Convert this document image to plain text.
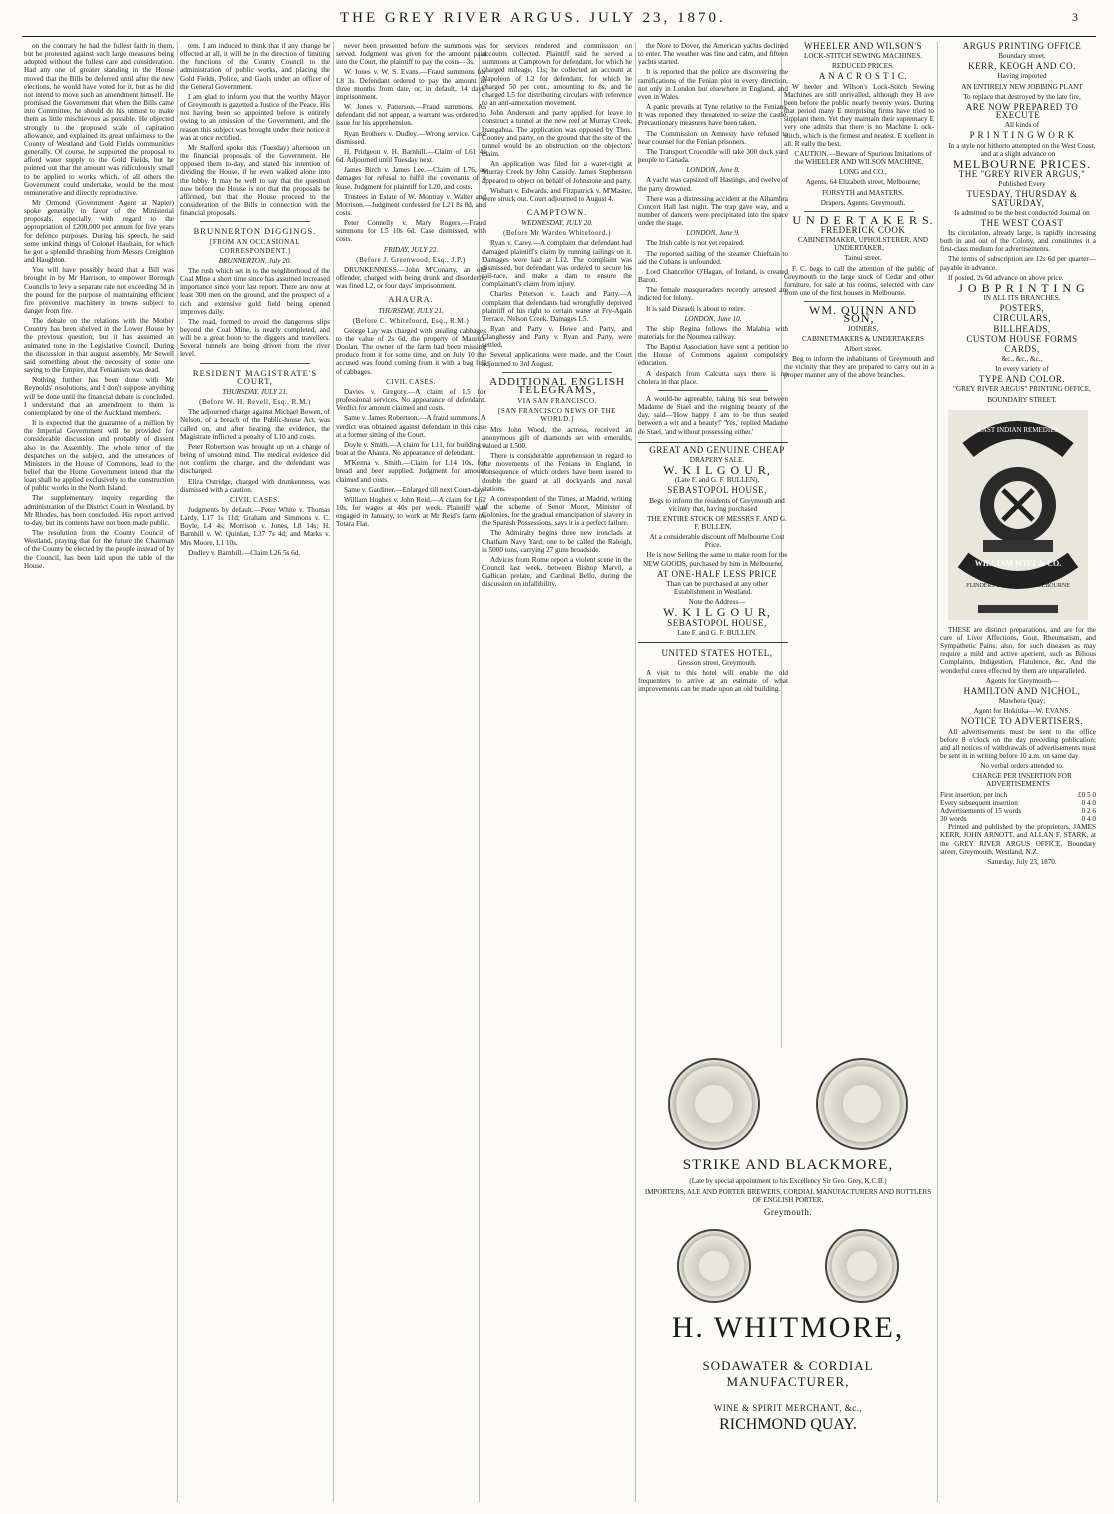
THE GREY RIVER ARGUS. JULY 23, 1870.	3

on the contrary he had the fullest faith in them, but he protested against such large measures being adopted without the fullest care and consideration. Had any one of greater standing in the House moved that the Bills be deferred until after the new elections, he would have voted for it, but as he did not intend to move such an amendment himself. He promised the Government that when the Bills came into Committee, he should do his utmost to make them as little mischievous as possible. He objected strongly to the proposed scale of capitation allowance, and explained its great unfairness to the County of Westland and Gold Fields communities generally. Of course, he supported the proposal to afford water supply to the Gold Fields, but he pointed out that the amount was ridiculously small to be applied to works which, of all others the Government could undertake, would be the most remunerative and directly reproductive.

Mr Ormond (Government Agent at Napier) spoke generally in favor of the Ministerial proposals, especially with regard to the appropriation of £200,000 per annum for five years for defence purposes. During his speech, he said some unkind things of Colonel Haultain, for which he got a splendid thrashing from Messrs Creighton and Haughton.

You will have possibly heard that a Bill was brought in by Mr Harrison, to empower Borough Councils to levy a separate rate not exceeding 3d in the pound for the purpose of maintaining efficient fire preventive machinery in towns subject to danger from fire.

The debate on the relations with the Mother Country has been shelved in the Lower House by the previous question; but it has assumed an animated tone in the Legislative Council. During the discussion in that august assembly, Mr Sewell said something about the necessity of some one saying to the Empire, that Fenianism was dead.

Nothing further has been done with Mr Reynolds' resolutions, and I don't suppose anything will be done until the financial debate is concluded. I understand that an amendment to them is contemplated by one of the Auckland members.

It is expected that the guarantee of a million by the Imperial Government will be provided for considerable discussion and probably of dissent also in the Assembly. The whole tenor of the despatches on the subject, and the utterances of Ministers in the House of Commons, lead to the belief that the Home Government intend that the loan shall be applied exclusively to the construction of public works in the North Island.

The supplementary inquiry regarding the administration of the District Court in Westland, by Mr Rhodes, has been concluded. His report arrived to-day, but its contents have not been made public.

The resolution from the County Council of Westland, praying that for the future the Chairman of the County be elected by the people instead of by the Council, has been laid upon the table of the House.

tem. I am induced to think that if any change be effected at all, it will be in the direction of limiting the functions of the County Council to the administration of public works, and placing the Gold Fields, Police, and Gaols under an officer of the General Government.

I am glad to inform you that the worthy Mayor of Greymouth is gazetted a Justice of the Peace. His not having been so appointed before is entirely owing to an omission of the Government, and the reason this subject was brought under their notice it was at once rectified.

Mr Stafford spoke this (Tuesday) afternoon on the financial proposals of the Government. He opposed them to-day, and stated his intention of dividing the House, if he even walked alone into the lobby. It may be well to say that the question now before the House is not that the proposals be affirmed, but that the House proceed to the consideration of the Bills in connection with the financial proposals.

BRUNNERTON DIGGINGS.

[FROM AN OCCASIONAL CORRESPONDENT.]

BRUNNERTON, July 20.

The rush which set in to the neighborhood of the Coal Mine a short time since has assumed increased importance since your last report. There are now at least 300 men on the ground, and the prospect of a rich and extensive gold field being opened improves daily.

The road, formed to avoid the dangerous slips beyond the Coal Mine, is nearly completed, and will be a great boon to the diggers and travellers. Several tunnels are being driven from the river level.

RESIDENT MAGISTRATE'S COURT,

THURSDAY, JULY 21.

(Before W. H. Revell, Esq., R.M.)

The adjourned charge against Michael Bowen, of Nelson, of a breach of the Public-house Act, was called on, and after hearing the evidence, the Magistrate inflicted a penalty of L10 and costs.

Peter Robertson was brought up on a charge of being of unsound mind. The medical evidence did not confirm the charge, and the defendant was discharged.

Eliza Ostridge, charged with drunkenness, was dismissed with a caution.

CIVIL CASES.

Judgments by default.—Peter White v. Thomas Lardy, L17 1s 11d; Graham and Simmons v. C. Boyle, L4 4s; Morrison v. Jones, L8 14s; H. Barnhill v. W. Quinlan, L37 7s 4d; and Marks v. Mrs Moore, L1 10s.

Dudley v. Barnhill.—Claim L26 5s 6d.

never been presented before the summons was served. Judgment was given for the amount paid into the Court, the plaintiff to pay the costs—3s.

W. Jones v. W. S. Evans.—Fraud summons for L8 3s. Defendant ordered to pay the amount in three months from date, or, in default, 14 days' imprisonment.

W. Jones v. Patterson.—Fraud summons. As defendant did not appear, a warrant was ordered to issue for his apprehension.

Ryan Brothers v. Dudley.—Wrong service. Case dismissed.

H. Pridgeon v. H. Barnhill.—Claim of L61 4s 6d. Adjourned until Tuesday next.

James Birch v. James Lee.—Claim of L76, as damages for refusal to fulfil the covenants of a lease. Judgment for plaintiff for L20, and costs.

Trustees in Estate of W. Montray v. Walter and Morrison.—Judgment confessed for L21 8s 8d, and costs.

Peter Connelly v. Mary Rogers.—Fraud summons for L5 10s 6d. Case dismissed, with costs.

FRIDAY, JULY 22.

(Before J. Greenwood, Esq., J.P.)

DRUNKENNESS.—John M'Conarty, an old offender, charged with being drunk and disorderly, was fined L2, or four days' imprisonment.

AHAURA.

THURSDAY, JULY 21.

(Before C. Whitefoord, Esq., R.M.)

George Lay was charged with stealing cabbages to the value of 2s 6d, the property of Maurice Doolan. The owner of the farm had been missing produce from it for some time, and on July 10 the accused was found coming from it with a bag full of cabbages.

CIVIL CASES.

Davies v. Gregory.—A claim of L5 for professional services. No appearance of defendant. Verdict for amount claimed and costs.

Same v. James Robertson.—A fraud summons. A verdict was obtained against defendant in this case at a former sitting of the Court.

Doyle v. Smith.—A claim for L11, for building a boat at the Ahaura. No appearance of defendant.

M'Kenna v. Smith.—Claim for L14 10s, for bread and beer supplied. Judgment for amount claimed and costs.

Same v. Gardiner.—Enlarged till next Court-day.

William Hughes v. John Reid.—A claim for L62 10s, for wages at 40s per week. Plaintiff was engaged in January, to work at Mr Reid's farm on Totara Flat.

for services rendered and commission on accounts collected. Plaintiff said he served a summons at Camptown for defendant, for which he charged mileage, 11s; he collected an account at Napoleon of L2 for defendant, for which he charged 50 per cent., amounting to 8s, and he charged L5 for distributing circulars with reference to an anti-annexation movement.

John Anderson and party applied for leave to construct a tunnel at the new reef at Murray Creek, Inangahua. The application was opposed by Thos. Cooney and party, on the ground that the site of the tunnel would be an obstruction on the objectors' claim.

An application was filed for a water-right at Murray Creek by John Cassidy. James Stephenson appeared to object on behalf of Johnstone and party.

Wishart v. Edwards, and Fitzpatrick v. M'Master, were struck out. Court adjourned to August 4.

CAMPTOWN.

WEDNESDAY, JULY 20.

(Before Mr Warden Whitefoord.)

Ryan v. Carey.—A complaint that defendant had damaged plaintiff's claim by running tailings on it. Damages were laid at L12. The complaint was dismissed, but defendant was ordered to secure his tail-race, and make a dam to ensure the complainant's claim from injury.

Charles Peterson v. Leach and Party.—A complaint that defendants had wrongfully deprived plaintiff of his right to certain water at Fry-Again Terrace, Nelson Creek. Damages L5.

Ryan and Party v. Howe and Party, and Clanghessy and Party v. Ryan and Party, were settled.

Several applications were made, and the Court adjourned to 3rd August.

ADDITIONAL ENGLISH TELEGRAMS,

VIA SAN FRANCISCO.

[SAN FRANCISCO NEWS OF THE WORLD.]

Mrs John Wood, the actress, received an anonymous gift of diamonds set with emeralds, valued at L500.

There is considerable apprehension in regard to the movements of the Fenians in England, in consequence of which orders have been issued to double the guard at all dockyards and naval stations.

A correspondent of the Times, at Madrid, writing of the scheme of Senor Moret, Minister of Colonies, for the gradual emancipation of slavery in the Spanish Possessions, says it is a perfect failure.

The Admiralty begins three new ironclads at Chatham Navy Yard; one to be called the Raleigh, is 5000 tons, carrying 27 guns broadside.

Advices from Rome report a violent scene in the Council last week, between Bishop Marvil, a Gallican prelate, and Cardinal Bello, during the discussion on infallibility.

the Nore to Dover, the American yachts declined to enter. The weather was fine and calm, and fifteen yachts started.

It is reported that the police are discovering the ramifications of the Fenian plot in every direction, not only in London but elsewhere in England, and even in Wales.

A panic prevails at Tyne relative to the Fenians. It was reported they threatened to seize the castle. Precautionary measures have been taken.

The Commission on Amnesty have refused to hear counsel for the Fenian prisoners.

The Transport Crocodile will take 300 dock yard people to Canada.

LONDON, June 8.

A yacht was capsized off Hastings, and twelve of the party drowned.

There was a distressing accident at the Alhambra Concert Hall last night. The trap gave way, and a number of dancers were precipitated into the space under the stage.

LONDON, June 9.

The Irish cable is not yet repaired.

The reported sailing of the steamer Chieftain to aid the Cubans is unfounded.

Lord Chancellor O'Hagan, of Ireland, is created Baron.

The female masqueraders recently arrested are indicted for felony.

It is said Disraeli is about to retire.

LONDON, June 10.

The ship Regina follows the Malabia with materials for the Noumea railway.

The Baptist Association have sent a petition to the House of Commons against compulsory education.

A despatch from Calcutta says there is no cholera in that place.

A would-be agreeable, taking his seat between Madame de Stael and the reigning beauty of the day, said—'How happy I am to be thus seated between a wit and a beauty!' 'Yes,' replied Madame de Stael, 'and without possessing either.'

GREAT AND GENUINE CHEAP

DRAPERY SALE.

W. K I L G O U R,

(Late F. and G. F. BULLEN),

SEBASTOPOL HOUSE,

Begs to inform the residents of Greymouth and vicinity that, having purchased

THE ENTIRE STOCK OF MESSRS F. AND G. F. BULLEN,

At a considerable discount off Melbourne Cost Price.

He is now Selling the same to make room for the NEW GOODS, purchased by him in Melbourne,

AT ONE-HALF LESS PRICE

Than can be purchased at any other Establishment in Westland.

Note the Address—

W. K I L G O U R,

SEBASTOPOL HOUSE,

Late F. and G. F. BULLEN.

UNITED STATES HOTEL,

Gresson street, Greymouth.

A visit to this hotel will enable the old frequenters to arrive at an estimate of what improvements can be made upon an old building.

WHEELER AND WILSON'S

LOCK-STITCH SEWING MACHINES.

REDUCED PRICES.

A N A C R O S T I C.

W heeler and Wilson's Lock-Stitch Sewing Machines are still unrivalled, although they H ave been before the public nearly twenty years. During that period many E nterprising firms have tried to supplant them. Yet they maintain their supremacy E very one admits that there is no Machine L ock-stitch, which is the firmest and neatest. E xcellent in all. R eally the best.

CAUTION.—Beware of Spurious Imitations of the WHEELER AND WILSON MACHINE.

LONG and CO.,

Agents, 64 Elizabeth street, Melbourne;

FORSYTH and MASTERS,

Drapers, Agents, Greymouth.

U N D E R T A K E R S.

FREDERICK COOK

CABINETMAKER, UPHOLSTERER, AND UNDERTAKER,

Tainui street.

F. C. begs to call the attention of the public of Greymouth to the large stock of Cedar and other furniture, for sale at his rooms, selected with care from one of the first houses in Melbourne.

WM. QUINN AND SON,

JOINERS,

CABINETMAKERS & UNDERTAKERS

Albert street.

Beg to inform the inhabitants of Greymouth and the vicinity that they are prepared to carry out in a proper manner any of the above branches.

STRIKE AND BLACKMORE,

(Late by special appointment to his Excellency Sir Geo. Grey, K.C.B.)

IMPORTERS, ALE AND PORTER BREWERS, CORDIAL MANUFACTURERS AND BOTTLERS OF ENGLISH PORTER,

Greymouth.

H. WHITMORE,

SODAWATER & CORDIAL MANUFACTURER,

WINE & SPIRIT MERCHANT, &c.,

RICHMOND QUAY.

ARGUS PRINTING OFFICE

Boundary street.

KERR, KEOGH AND CO.

Having imported

AN ENTIRELY NEW JOBBING PLANT

To replace that destroyed by the late fire,

ARE NOW PREPARED TO EXECUTE

All kinds of

P R I N T I N G W O R K

In a style not hitherto attempted on the West Coast, and at a slight advance on

MELBOURNE PRICES.

THE "GREY RIVER ARGUS,"

Published Every

TUESDAY, THURSDAY & SATURDAY,

Is admitted to be the best conducted Journal on

THE WEST COAST

Its circulation, already large, is rapidly increasing both in and out of the Colony, and constitutes it a first-class medium for advertisements.

The terms of subscription are 12s 6d per quarter—payable in advance.

If posted, 2s 6d advance on above price.

J O B P R I N T I N G

IN ALL ITS BRANCHES.

POSTERS,

CIRCULARS,

BILLHEADS,

CUSTOM HOUSE FORMS

CARDS,

&c., &c., &c.,

In every variety of

TYPE AND COLOR.

"GREY RIVER ARGUS" PRINTING OFFICE,

BOUNDARY STREET.

EAST INDIAN REMEDIES
WILLIAM WITT & CO.
FLINDERS LANE WEST, MELBOURNE

THESE are distinct preparations, and are for the cure of Liver Affections, Gout, Rheumatism, and Sympathetic Pains; also, for such diseases as may require a mild and active aperient, such as Bilious Complaints, Indigestion, Flatulence, &c. And the wonderful cures effected by them are unparalleled.

Agents for Greymouth—

HAMILTON AND NICHOL,

Mawhera Quay;

Agent for Hokitika—W. EVANS.

NOTICE TO ADVERTISERS.

All advertisements must be sent to the office before 8 o'clock on the day preceding publication; and all notices of withdrawals of advertisements must be sent in in writing before 10 a.m. on same day.

No verbal orders attended to.

CHARGE PER INSERTION FOR ADVERTISEMENTS

First insertion, per inch	£0 5 0
Every subsequent insertion	0 4 0
Advertisements of 15 words	0 2 6
30 words	0 4 0

Printed and published by the proprietors, JAMES KERR, JOHN ARNOTT, and ALLAN F. STARK, at the GREY RIVER ARGUS OFFICE, Boundary street, Greymouth, Westland, N.Z.

Saturday, July 23, 1870.
